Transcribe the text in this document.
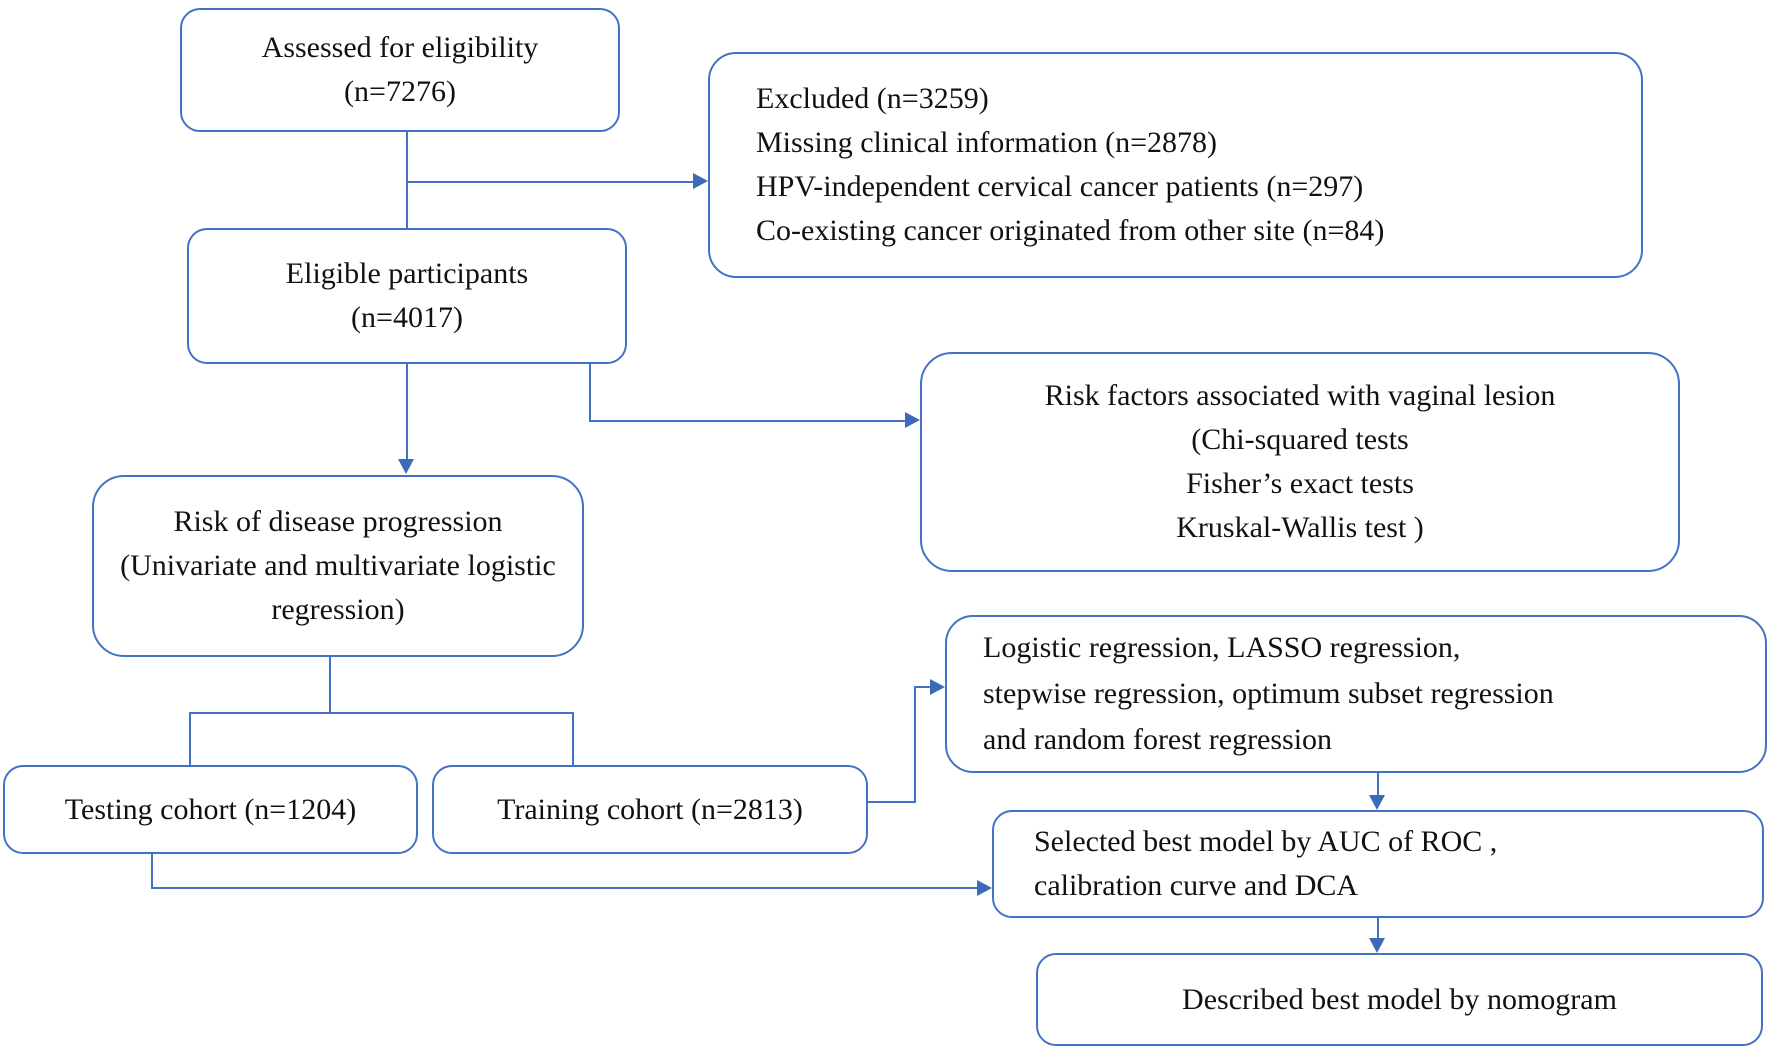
Assessed for eligibility
(n=7276)	Excluded (n=3259)
Missing clinical information (n=2878)
HPV-independent cervical cancer patients (n=297)
Co-existing cancer originated from other site (n=84)
Eligible participants
(n=4017)
Risk factors associated with vaginal lesion
(Chi-squared tests
Fisher’s exact tests
Kruskal-Wallis test )
Risk of disease progression
(Univariate and multivariate logistic
regression)
Testing cohort (n=1204)	Training cohort (n=2813)
Logistic regression, LASSO regression,
stepwise regression, optimum subset regression
and random forest regression
Selected best model by AUC of ROC ,
calibration curve and DCA
Described best model by nomogram
